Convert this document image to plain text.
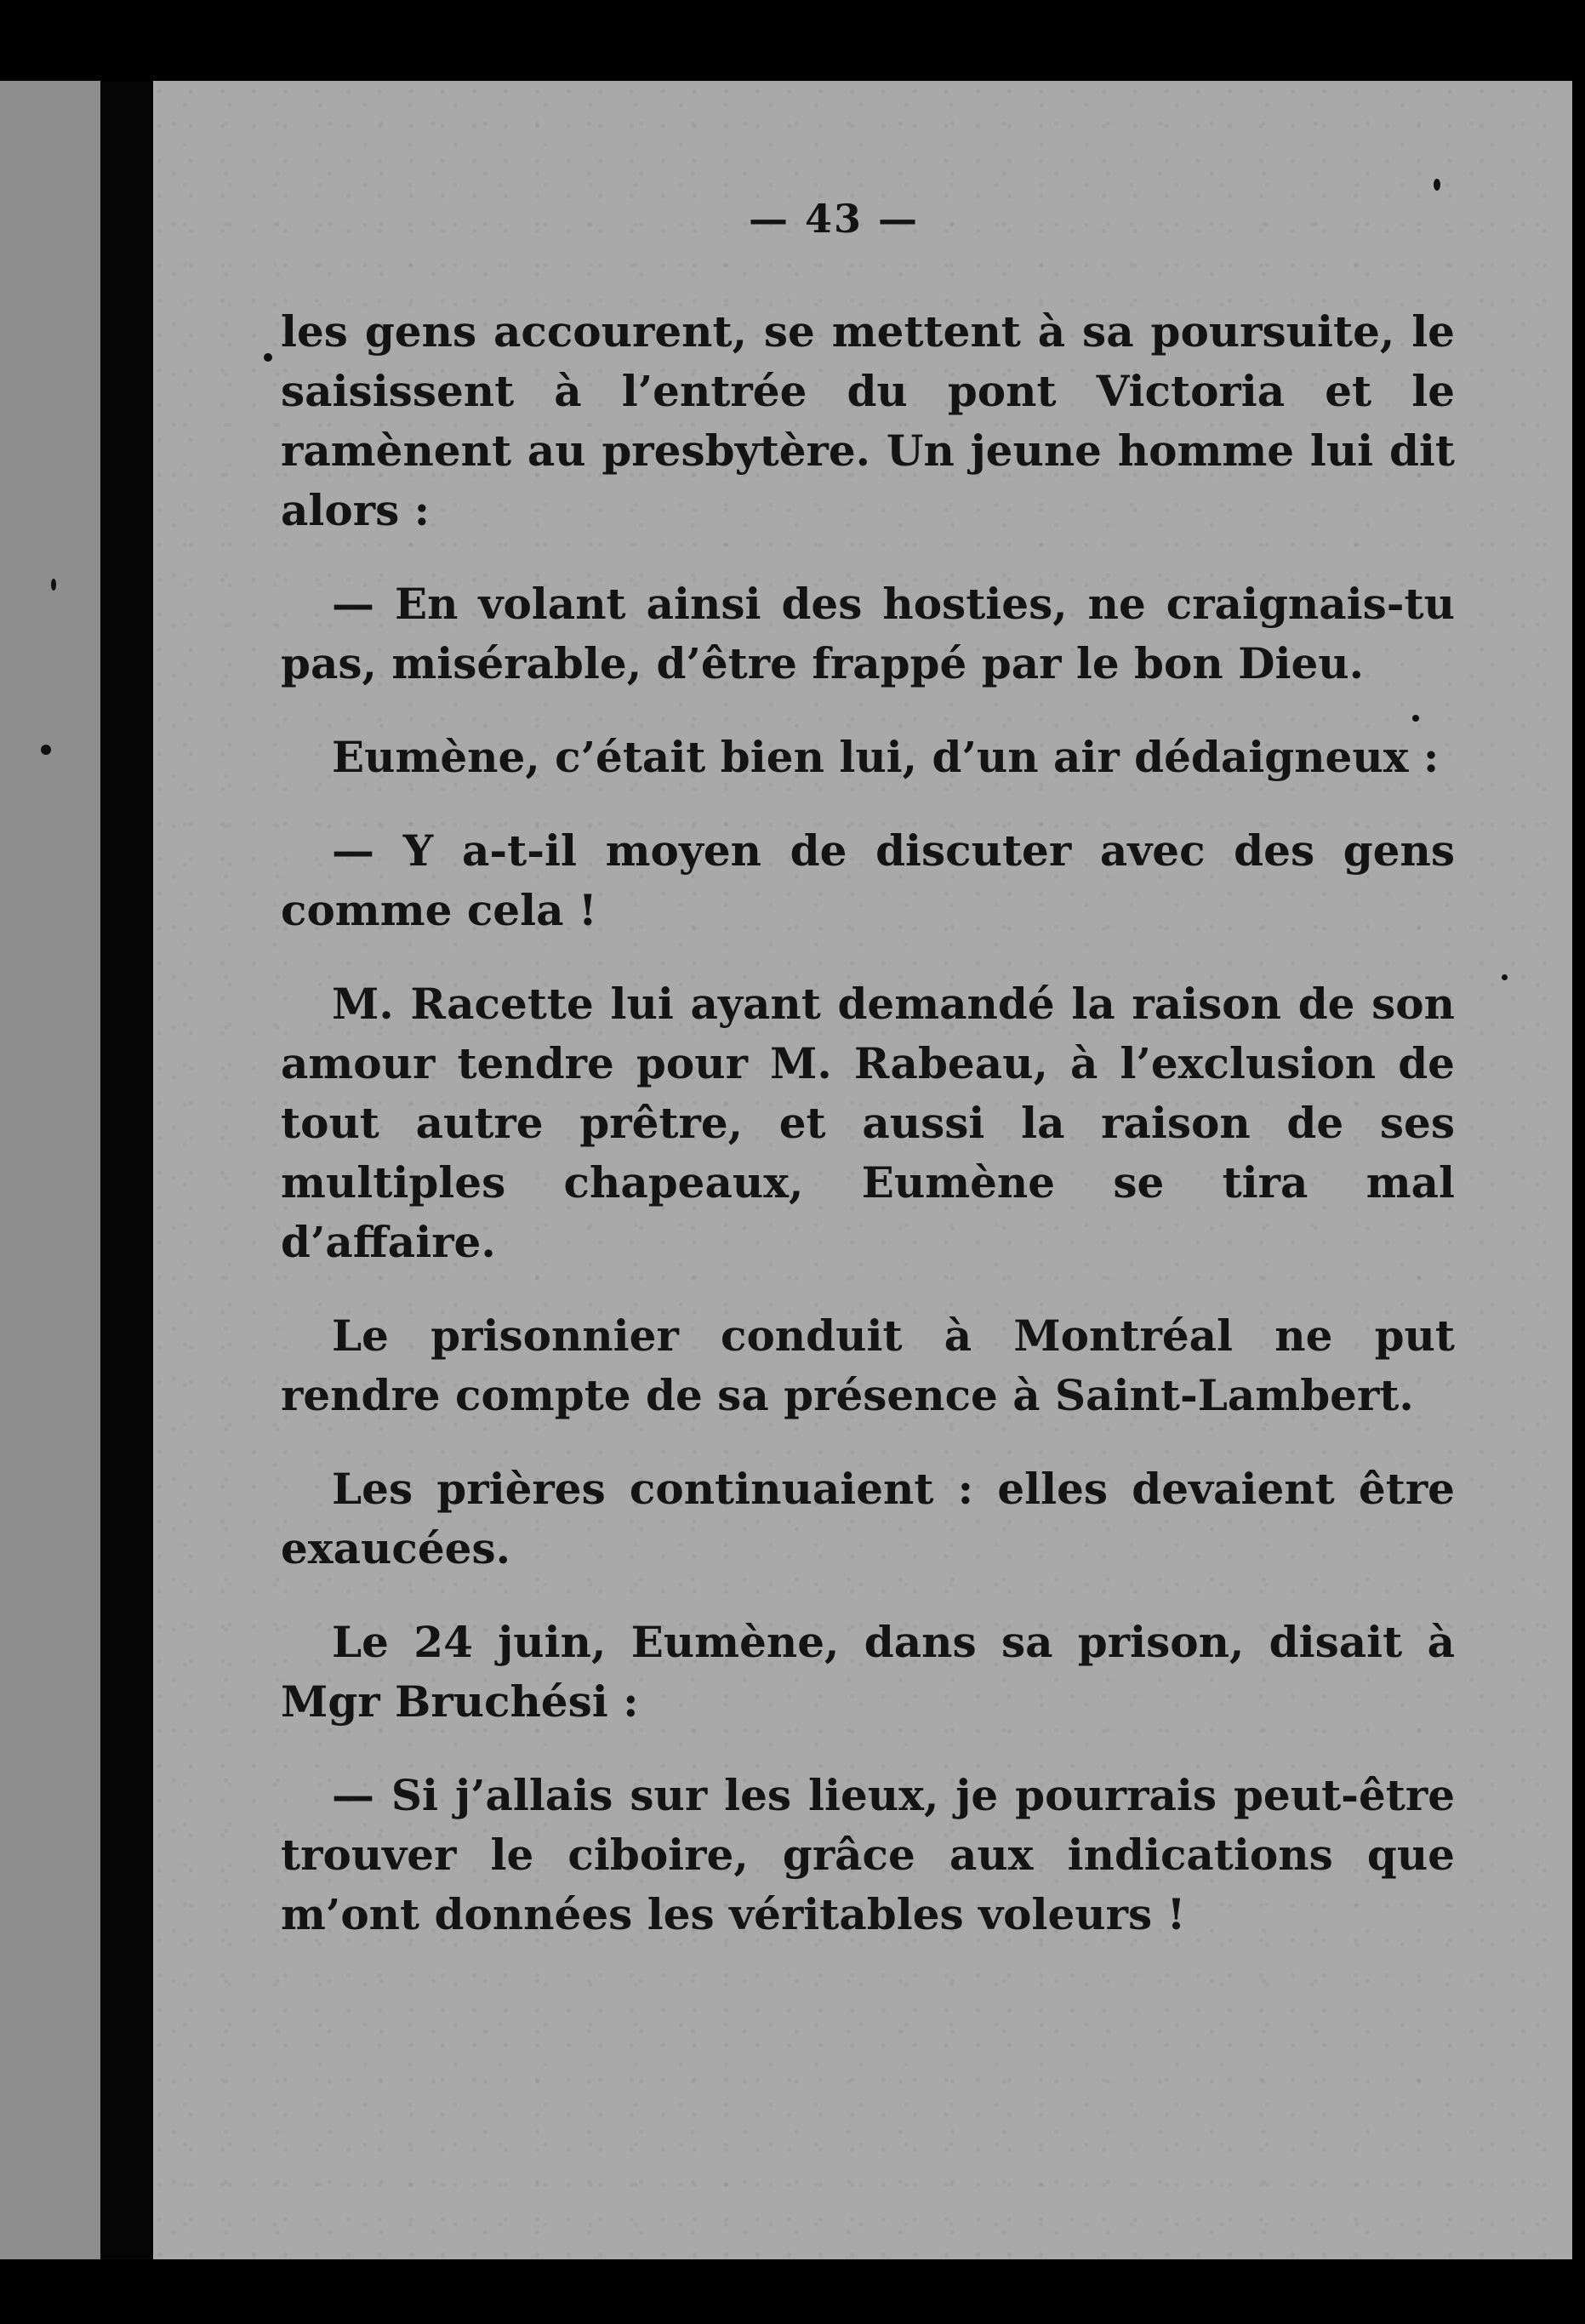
— 43 —

les gens accourent, se mettent à sa poursuite, le saisissent à l’entrée du pont Victoria et le ramènent au presbytère. Un jeune homme lui dit alors :

— En volant ainsi des hosties, ne craignais-tu pas, misérable, d’être frappé par le bon Dieu.

Eumène, c’était bien lui, d’un air dédaigneux :

— Y a-t-il moyen de discuter avec des gens comme cela !

M. Racette lui ayant demandé la raison de son amour tendre pour M. Rabeau, à l’exclusion de tout autre prêtre, et aussi la raison de ses multiples chapeaux, Eumène se tira mal d’affaire.

Le prisonnier conduit à Montréal ne put rendre compte de sa présence à Saint-Lambert.

Les prières continuaient : elles devaient être exaucées.

Le 24 juin, Eumène, dans sa prison, disait à Mgr Bruchési :

— Si j’allais sur les lieux, je pourrais peut-être trouver le ciboire, grâce aux indications que m’ont données les véritables voleurs !
